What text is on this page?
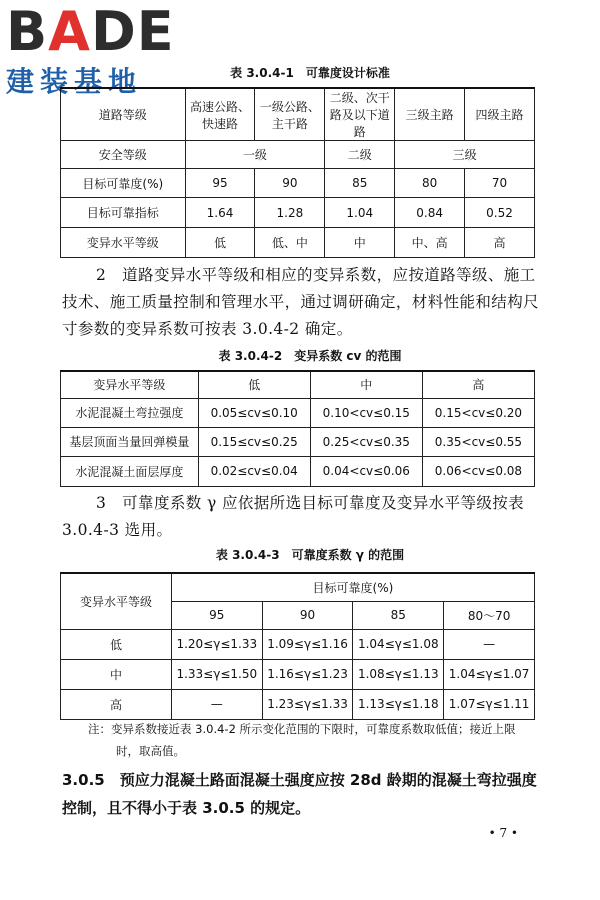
BADE
建装基地	表 3.0.4-1　可靠度设计标准
道路等级	高速公路、快速路	一级公路、主干路	二级、次干路及以下道路	三级主路	四级主路
安全等级	一级		二级	三级	
目标可靠度(%)	95	90	85	80	70
目标可靠指标	1.64	1.28	1.04	0.84	0.52
变异水平等级	低	低、中	中	中、高	高
2　道路变异水平等级和相应的变异系数，应按道路等级、施工技术、施工质量控制和管理水平，通过调研确定，材料性能和结构尺寸参数的变异系数可按表 3.0.4-2 确定。
表 3.0.4-2　变异系数 cv 的范围
变异水平等级	低	中	高
水泥混凝土弯拉强度	0.05≤cv≤0.10	0.10<cv≤0.15	0.15<cv≤0.20
基层顶面当量回弹模量	0.15≤cv≤0.25	0.25<cv≤0.35	0.35<cv≤0.55
水泥混凝土面层厚度	0.02≤cv≤0.04	0.04<cv≤0.06	0.06<cv≤0.08
3　可靠度系数 γ 应依据所选目标可靠度及变异水平等级按表 3.0.4-3 选用。
表 3.0.4-3　可靠度系数 γ 的范围
变异水平等级	目标可靠度(%)			
	95	90	85	80～70
低	1.20≤γ≤1.33	1.09≤γ≤1.16	1.04≤γ≤1.08	—
中	1.33≤γ≤1.50	1.16≤γ≤1.23	1.08≤γ≤1.13	1.04≤γ≤1.07
高	—	1.23≤γ≤1.33	1.13≤γ≤1.18	1.07≤γ≤1.11
注：变异系数接近表 3.0.4-2 所示变化范围的下限时，可靠度系数取低值；接近上限时，取高值。
3.0.5　预应力混凝土路面混凝土强度应按 28d 龄期的混凝土弯拉强度控制，且不得小于表 3.0.5 的规定。
• 7 •
